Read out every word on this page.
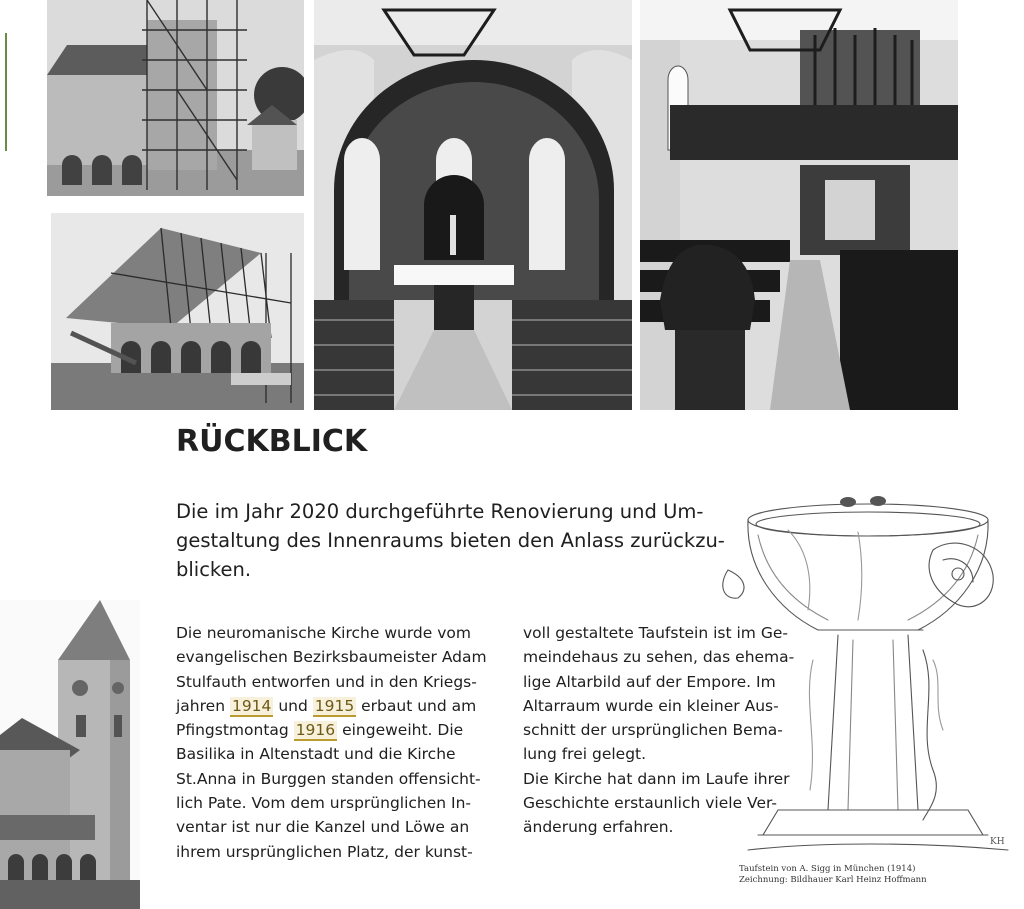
RÜCKBLICK
Die im Jahr 2020 durchgeführte Renovierung und Um-
gestaltung des Innenraums bieten den Anlass zurückzu-
blicken.
Die neuromanische Kirche wurde vom
evangelischen Bezirksbaumeister Adam
Stulfauth entworfen und in den Kriegs-
jahren 1914 und 1915 erbaut und am
Pfingstmontag 1916 eingeweiht. Die
Basilika in Altenstadt und die Kirche
St.Anna in Burggen standen offensicht-
lich Pate. Vom dem ursprünglichen In-
ventar ist nur die Kanzel und Löwe an
ihrem ursprünglichen Platz, der kunst-
KH
voll gestaltete Taufstein ist im Ge-
meindehaus zu sehen, das ehema-
lige Altarbild auf der Empore. Im
Altarraum wurde ein kleiner Aus-
schnitt der ursprünglichen Bema-
lung frei gelegt.
Die Kirche hat dann im Laufe ihrer
Geschichte erstaunlich viele Ver-
änderung erfahren.
Taufstein von A. Sigg in München (1914)
Zeichnung: Bildhauer Karl Heinz Hoffmann
